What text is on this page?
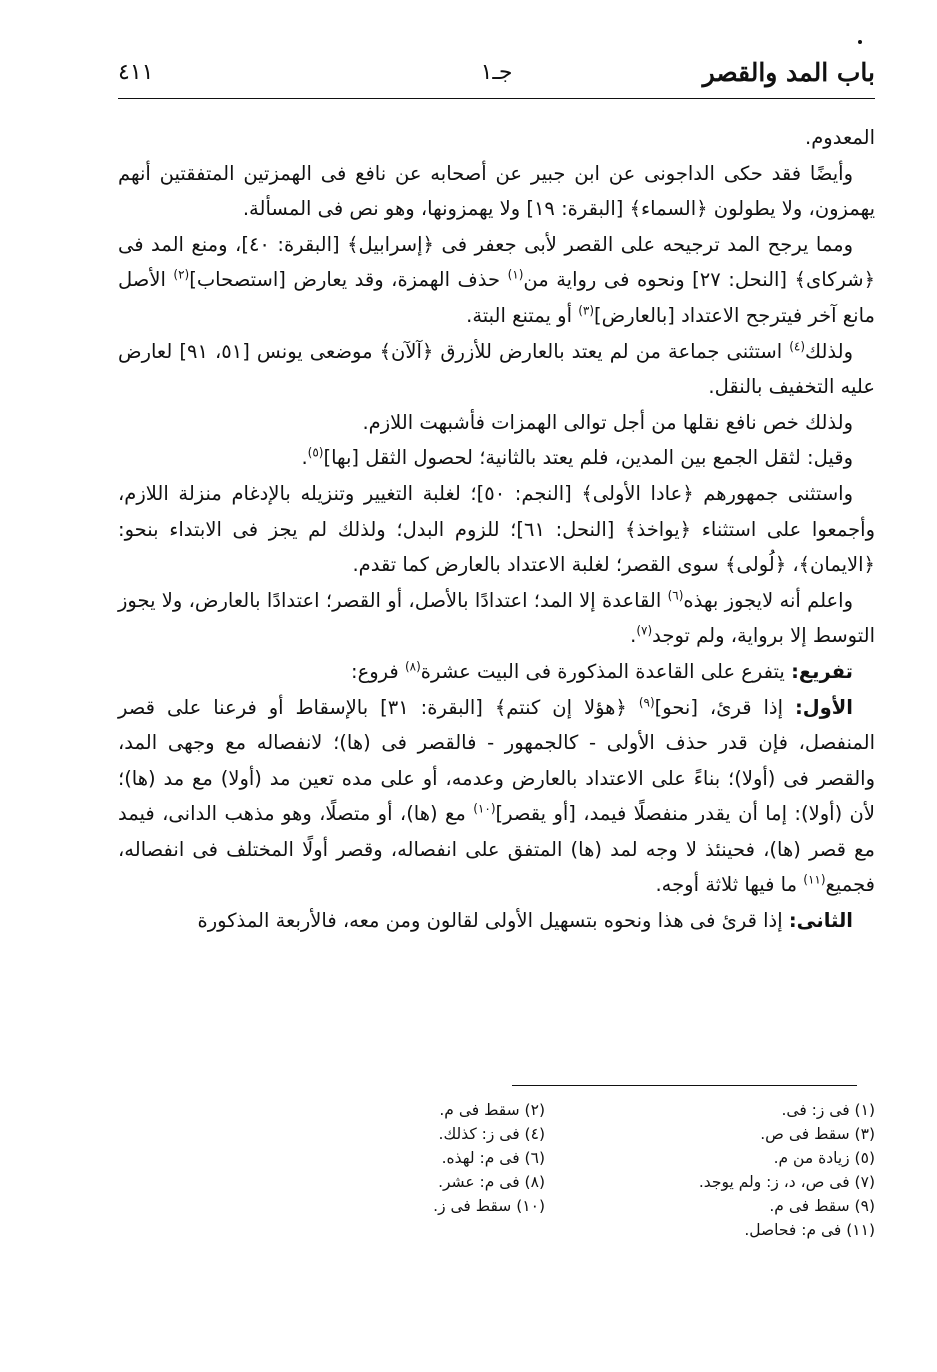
باب المد والقصر
جـ١
٤١١

المعدوم.

وأيضًا فقد حكى الداجونى عن ابن جبير عن أصحابه عن نافع فى الهمزتين المتفقتين أنهم يهمزون، ولا يطولون ﴿السماء﴾ [البقرة: ١٩] ولا يهمزونها، وهو نص فى المسألة.

ومما يرجح المد ترجيحه على القصر لأبى جعفر فى ﴿إسرابيل﴾ [البقرة: ٤٠]، ومنع المد فى ﴿شركاى﴾ [النحل: ٢٧] ونحوه فى رواية من$^{(١)}$ حذف الهمزة، وقد يعارض [استصحاب]$^{(٢)}$ الأصل مانع آخر فيترجح الاعتداد [بالعارض]$^{(٣)}$ أو يمتنع البتة.

ولذلك$^{(٤)}$ استثنى جماعة من لم يعتد بالعارض للأزرق ﴿آلآن﴾ موضعى يونس [٥١، ٩١] لعارض عليه التخفيف بالنقل.

ولذلك خص نافع نقلها من أجل توالى الهمزات فأشبهت اللازم.

وقيل: لثقل الجمع بين المدين، فلم يعتد بالثانية؛ لحصول الثقل [بها]$^{(٥)}$.

واستثنى جمهورهم ﴿عادا الأولى﴾ [النجم: ٥٠]؛ لغلبة التغيير وتنزيله بالإدغام منزلة اللازم، وأجمعوا على استثناء ﴿يواخذ﴾ [النحل: ٦١]؛ للزوم البدل؛ ولذلك لم يجز فى الابتداء بنحو: ﴿الايمان﴾، ﴿لُولى﴾ سوى القصر؛ لغلبة الاعتداد بالعارض كما تقدم.

واعلم أنه لايجوز بهذه$^{(٦)}$ القاعدة إلا المد؛ اعتدادًا بالأصل، أو القصر؛ اعتدادًا بالعارض، ولا يجوز التوسط إلا برواية، ولم توجد$^{(٧)}$.

تفريع: يتفرع على القاعدة المذكورة فى البيت عشرة$^{(٨)}$ فروع:

الأول: إذا قرئ، [نحو]$^{(٩)}$ ﴿هؤلا إن كنتم﴾ [البقرة: ٣١] بالإسقاط أو فرعنا على قصر المنفصل، فإن قدر حذف الأولى - كالجمهور - فالقصر فى (ها)؛ لانفصاله مع وجهى المد، والقصر فى (أولا)؛ بناءً على الاعتداد بالعارض وعدمه، أو على مده تعين مد (أولا) مع مد (ها)؛ لأن (أولا): إما أن يقدر منفصلًا فيمد، [أو يقصر]$^{(١٠)}$ مع (ها)، أو متصلًا، وهو مذهب الدانى، فيمد مع قصر (ها)، فحينئذ لا وجه لمد (ها) المتفق على انفصاله، وقصر أولًا المختلف فى انفصاله، فجميع$^{(١١)}$ ما فيها ثلاثة أوجه.

الثانى: إذا قرئ فى هذا ونحوه بتسهيل الأولى لقالون ومن معه، فالأربعة المذكورة

(١) فى ز: فى.
(٣) سقط فى ص.
(٥) زيادة من م.
(٧) فى ص، د، ز: ولم يوجد.
(٩) سقط فى م.
(١١) فى م: فحاصل.
(٢) سقط فى م.
(٤) فى ز: كذلك.
(٦) فى م: لهذه.
(٨) فى م: عشر.
(١٠) سقط فى ز.
